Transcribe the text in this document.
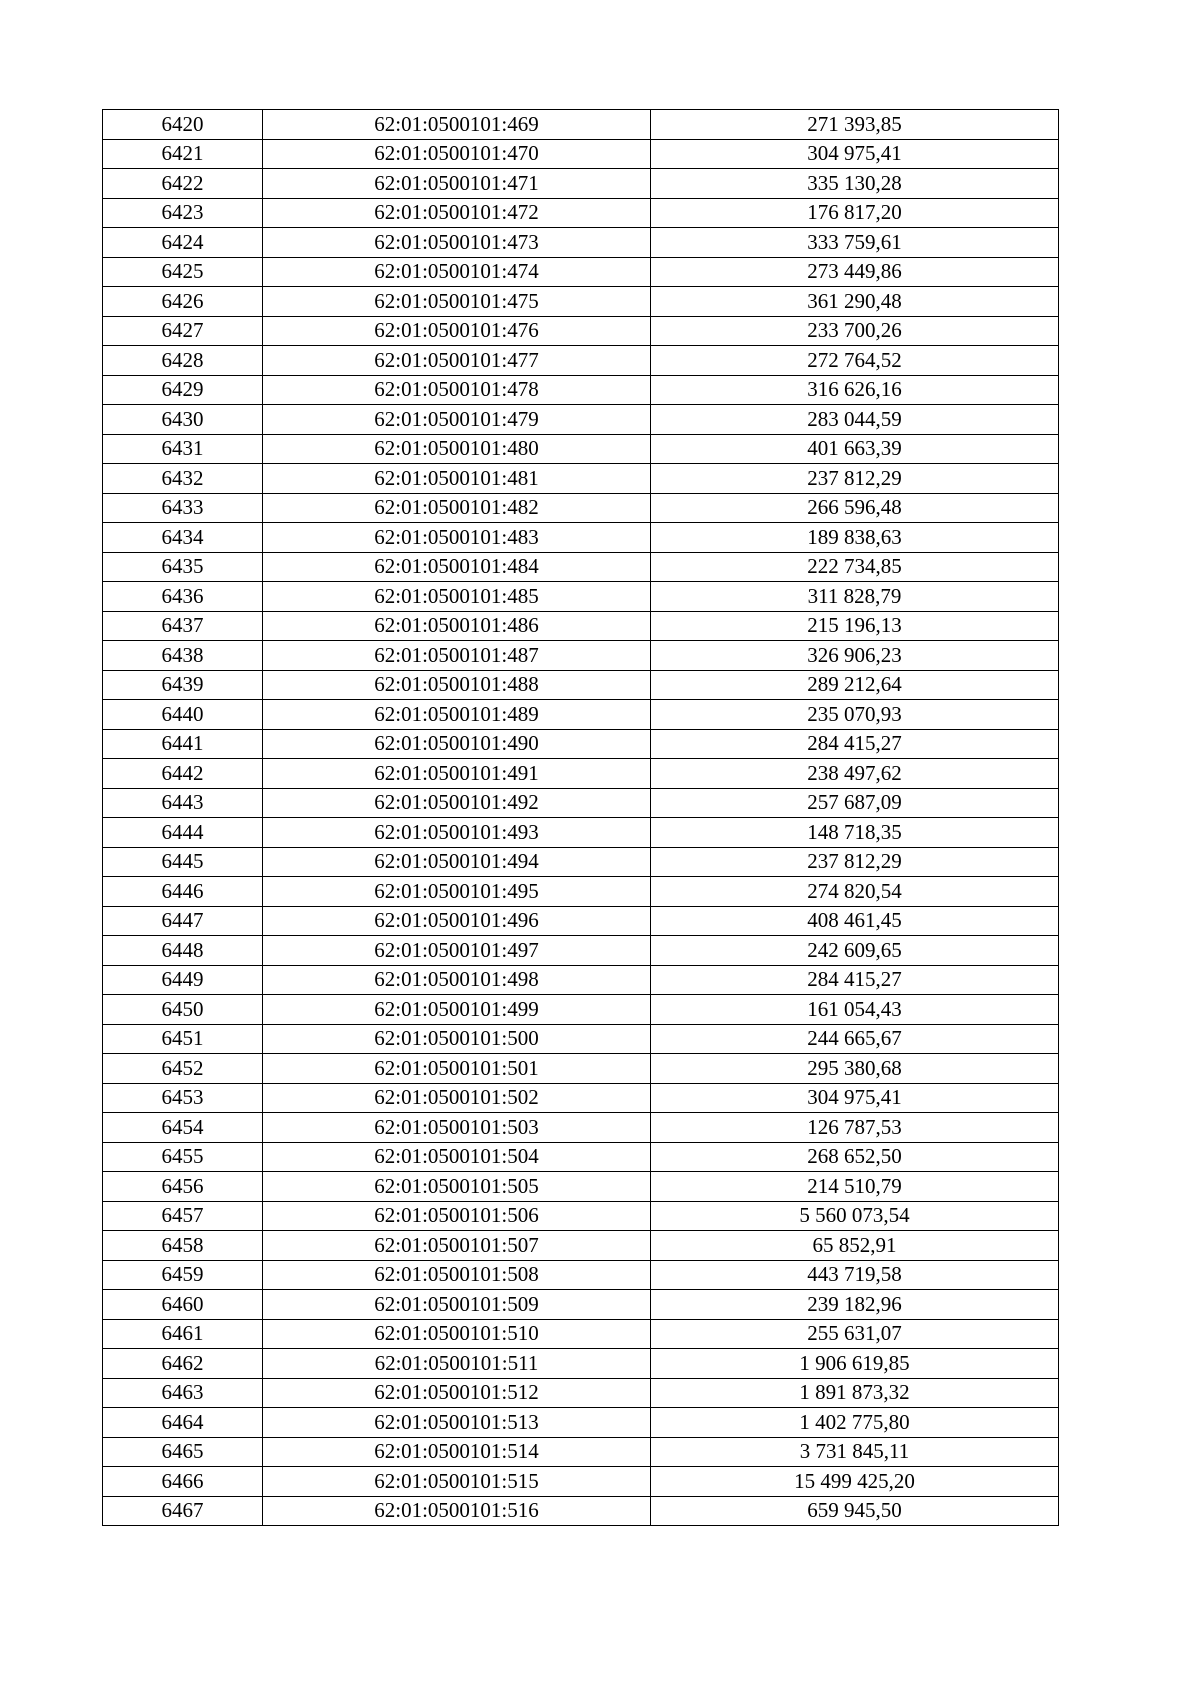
6420	62:01:0500101:469	271 393,85
6421	62:01:0500101:470	304 975,41
6422	62:01:0500101:471	335 130,28
6423	62:01:0500101:472	176 817,20
6424	62:01:0500101:473	333 759,61
6425	62:01:0500101:474	273 449,86
6426	62:01:0500101:475	361 290,48
6427	62:01:0500101:476	233 700,26
6428	62:01:0500101:477	272 764,52
6429	62:01:0500101:478	316 626,16
6430	62:01:0500101:479	283 044,59
6431	62:01:0500101:480	401 663,39
6432	62:01:0500101:481	237 812,29
6433	62:01:0500101:482	266 596,48
6434	62:01:0500101:483	189 838,63
6435	62:01:0500101:484	222 734,85
6436	62:01:0500101:485	311 828,79
6437	62:01:0500101:486	215 196,13
6438	62:01:0500101:487	326 906,23
6439	62:01:0500101:488	289 212,64
6440	62:01:0500101:489	235 070,93
6441	62:01:0500101:490	284 415,27
6442	62:01:0500101:491	238 497,62
6443	62:01:0500101:492	257 687,09
6444	62:01:0500101:493	148 718,35
6445	62:01:0500101:494	237 812,29
6446	62:01:0500101:495	274 820,54
6447	62:01:0500101:496	408 461,45
6448	62:01:0500101:497	242 609,65
6449	62:01:0500101:498	284 415,27
6450	62:01:0500101:499	161 054,43
6451	62:01:0500101:500	244 665,67
6452	62:01:0500101:501	295 380,68
6453	62:01:0500101:502	304 975,41
6454	62:01:0500101:503	126 787,53
6455	62:01:0500101:504	268 652,50
6456	62:01:0500101:505	214 510,79
6457	62:01:0500101:506	5 560 073,54
6458	62:01:0500101:507	65 852,91
6459	62:01:0500101:508	443 719,58
6460	62:01:0500101:509	239 182,96
6461	62:01:0500101:510	255 631,07
6462	62:01:0500101:511	1 906 619,85
6463	62:01:0500101:512	1 891 873,32
6464	62:01:0500101:513	1 402 775,80
6465	62:01:0500101:514	3 731 845,11
6466	62:01:0500101:515	15 499 425,20
6467	62:01:0500101:516	659 945,50
